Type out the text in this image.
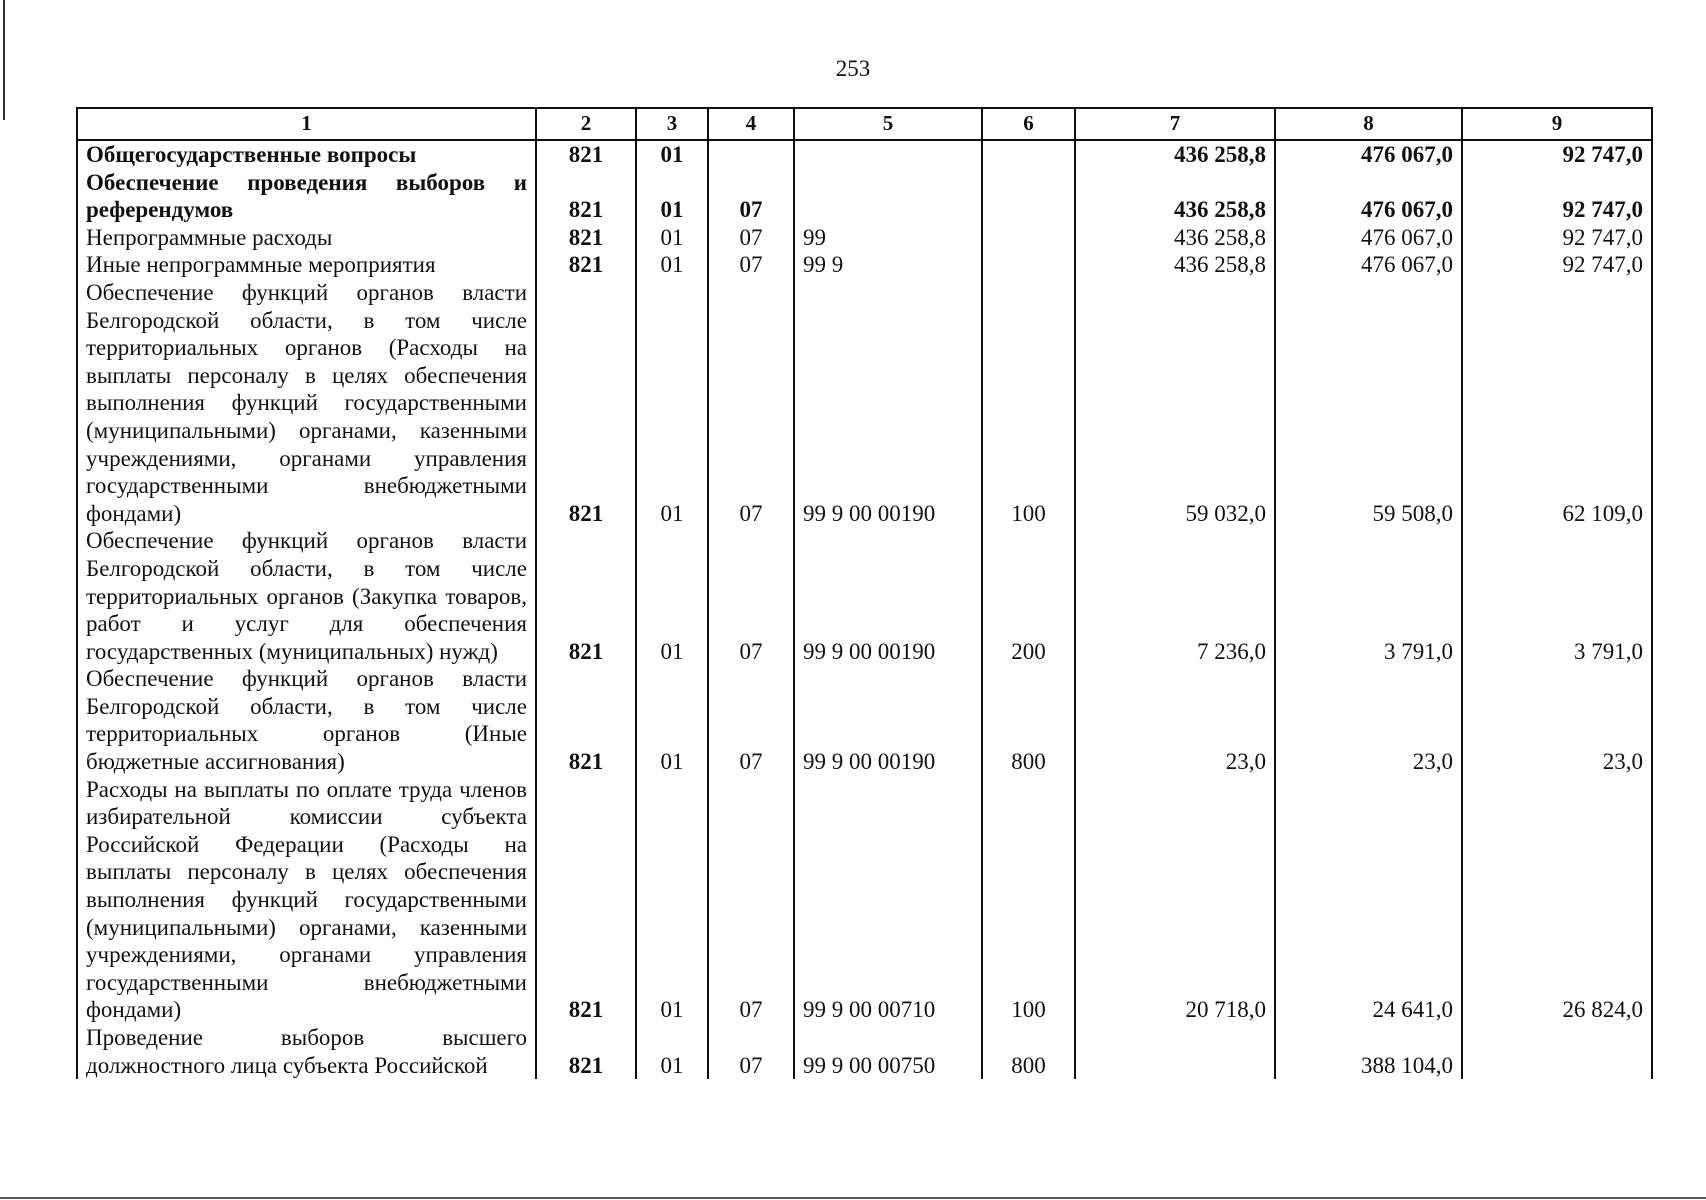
253
1	2	3	4	5	6	7	8	9
Общегосударственные вопросы	821	01				436 258,8	476 067,0	92 747,0
Обеспечение проведения выборов и референдумов	821	01	07			436 258,8	476 067,0	92 747,0
Непрограммные расходы	821	01	07	99		436 258,8	476 067,0	92 747,0
Иные непрограммные мероприятия	821	01	07	99 9		436 258,8	476 067,0	92 747,0
Обеспечение функций органов власти Белгородской области, в том числе территориальных органов (Расходы на выплаты персоналу в целях обеспечения выполнения функций государственными (муниципальными) органами, казенными учреждениями, органами управления государственными внебюджетными фондами)	821	01	07	99 9 00 00190	100	59 032,0	59 508,0	62 109,0
Обеспечение функций органов власти Белгородской области, в том числе территориальных органов (Закупка товаров, работ и услуг для обеспечения государственных (муниципальных) нужд)	821	01	07	99 9 00 00190	200	7 236,0	3 791,0	3 791,0
Обеспечение функций органов власти Белгородской области, в том числе территориальных органов (Иные бюджетные ассигнования)	821	01	07	99 9 00 00190	800	23,0	23,0	23,0
Расходы на выплаты по оплате труда членов избирательной комиссии субъекта Российской Федерации (Расходы на выплаты персоналу в целях обеспечения выполнения функций государственными (муниципальными) органами, казенными учреждениями, органами управления государственными внебюджетными фондами)	821	01	07	99 9 00 00710	100	20 718,0	24 641,0	26 824,0
Проведение выборов высшего должностного лица субъекта Российской	821	01	07	99 9 00 00750	800		388 104,0	
